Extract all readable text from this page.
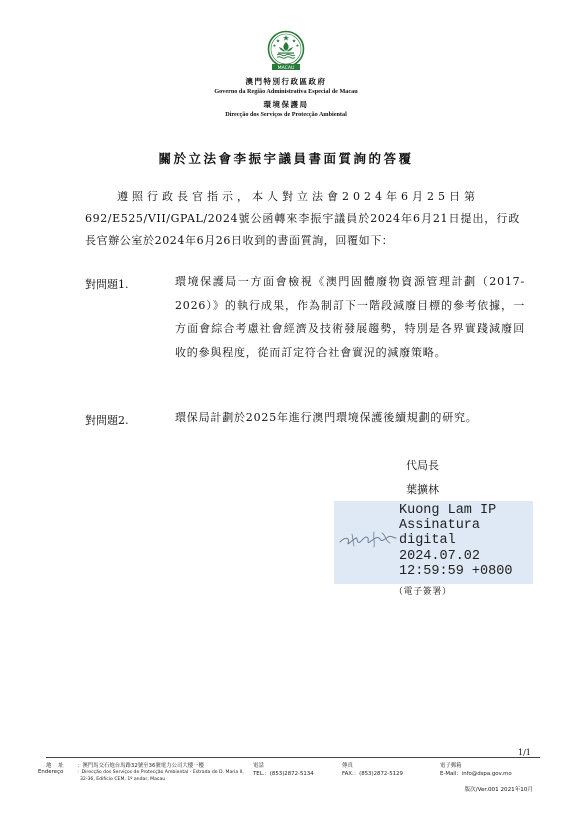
MACAU
澳門特別行政區政府
Governo da Região Administrativa Especial de Macau
環境保護局
Direcção dos Serviços de Protecção Ambiental
關於立法會李振宇議員書面質詢的答覆
遵照行政長官指示，本人對立法會2024年6月25日第
692/E525/VII/GPAL/2024號公函轉來李振宇議員於2024年6月21日提出，行政長官辦公室於2024年6月26日收到的書面質詢，回覆如下：
對問題1.	環境保護局一方面會檢視《澳門固體廢物資源管理計劃（2017-2026）》的執行成果，作為制訂下一階段減廢目標的參考依據，一方面會綜合考慮社會經濟及技術發展趨勢，特別是各界實踐減廢回收的參與程度，從而訂定符合社會實況的減廢策略。
對問題2.	環保局計劃於2025年進行澳門環境保護後續規劃的研究。
代局長
葉擴林
Kuong Lam IP
Assinatura
digital
2024.07.02
12:59:59 +0800
（電子簽署）
1/1
地    址 ：澳門馬交石炮台馬路32號至36號電力公司大樓一樓
Endereço	：Direcção dos Serviços de Protecção Ambiental - Estrada de D. Maria II,
32-36, Edifício CEM, 1º andar, Macau
電話
TEL.：(853)2872-5134
傳真
FAX.：(853)2872-5129
電子郵箱
E-Mail：info@dspa.gov.mo
版次/Ver.001 2021年10月
